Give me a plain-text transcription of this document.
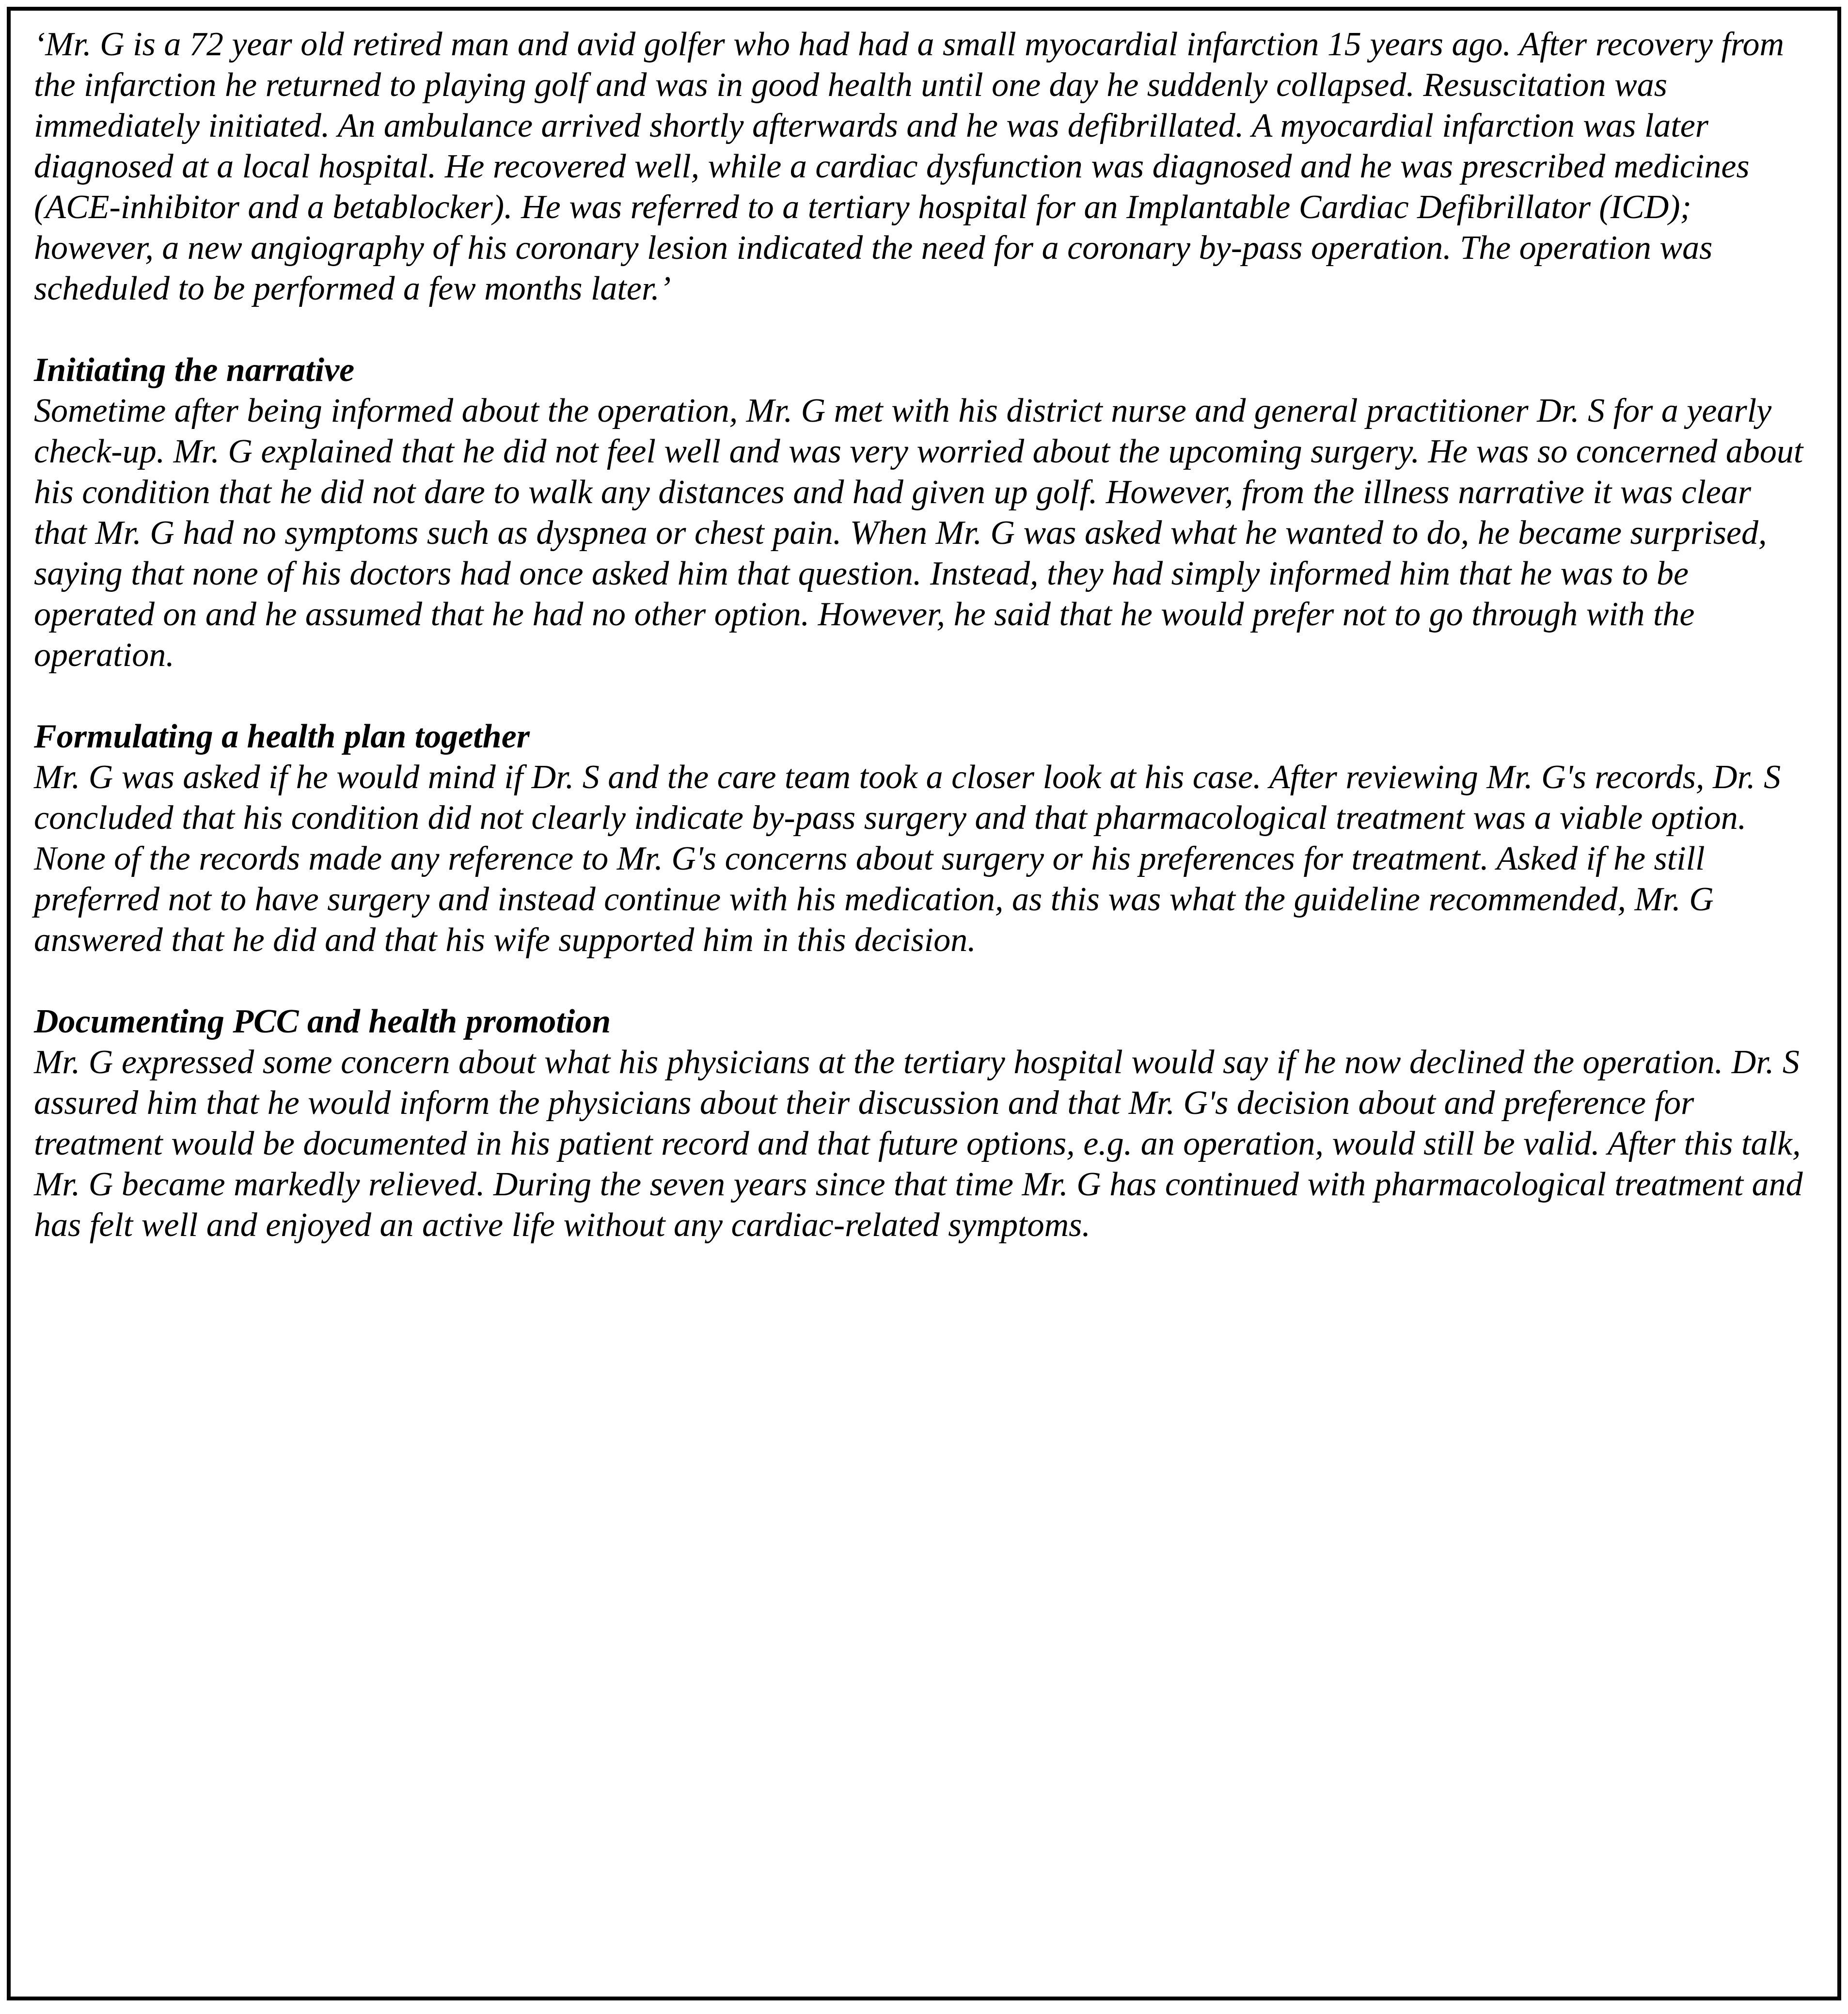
‘Mr. G is a 72 year old retired man and avid golfer who had had a small myocardial infarction 15 years ago. After recovery from the infarction he returned to playing golf and was in good health until one day he suddenly collapsed. Resuscitation was immediately initiated. An ambulance arrived shortly afterwards and he was defibrillated. A myocardial infarction was later diagnosed at a local hospital. He recovered well, while a cardiac dysfunction was diagnosed and he was prescribed medicines (ACE-inhibitor and a betablocker). He was referred to a tertiary hospital for an Implantable Cardiac Defibrillator (ICD); however, a new angiography of his coronary lesion indicated the need for a coronary by-pass operation. The operation was scheduled to be performed a few months later.’

Initiating the narrative

Sometime after being informed about the operation, Mr. G met with his district nurse and general practitioner Dr. S for a yearly check-up. Mr. G explained that he did not feel well and was very worried about the upcoming surgery. He was so concerned about his condition that he did not dare to walk any distances and had given up golf. However, from the illness narrative it was clear that Mr. G had no symptoms such as dyspnea or chest pain. When Mr. G was asked what he wanted to do, he became surprised, saying that none of his doctors had once asked him that question. Instead, they had simply informed him that he was to be operated on and he assumed that he had no other option. However, he said that he would prefer not to go through with the operation.

Formulating a health plan together

Mr. G was asked if he would mind if Dr. S and the care team took a closer look at his case. After reviewing Mr. G's records, Dr. S concluded that his condition did not clearly indicate by-pass surgery and that pharmacological treatment was a viable option. None of the records made any reference to Mr. G's concerns about surgery or his preferences for treatment. Asked if he still preferred not to have surgery and instead continue with his medication, as this was what the guideline recommended, Mr. G answered that he did and that his wife supported him in this decision.

Documenting PCC and health promotion

Mr. G expressed some concern about what his physicians at the tertiary hospital would say if he now declined the operation. Dr. S assured him that he would inform the physicians about their discussion and that Mr. G's decision about and preference for treatment would be documented in his patient record and that future options, e.g. an operation, would still be valid. After this talk, Mr. G became markedly relieved. During the seven years since that time Mr. G has continued with pharmacological treatment and has felt well and enjoyed an active life without any cardiac-related symptoms.
